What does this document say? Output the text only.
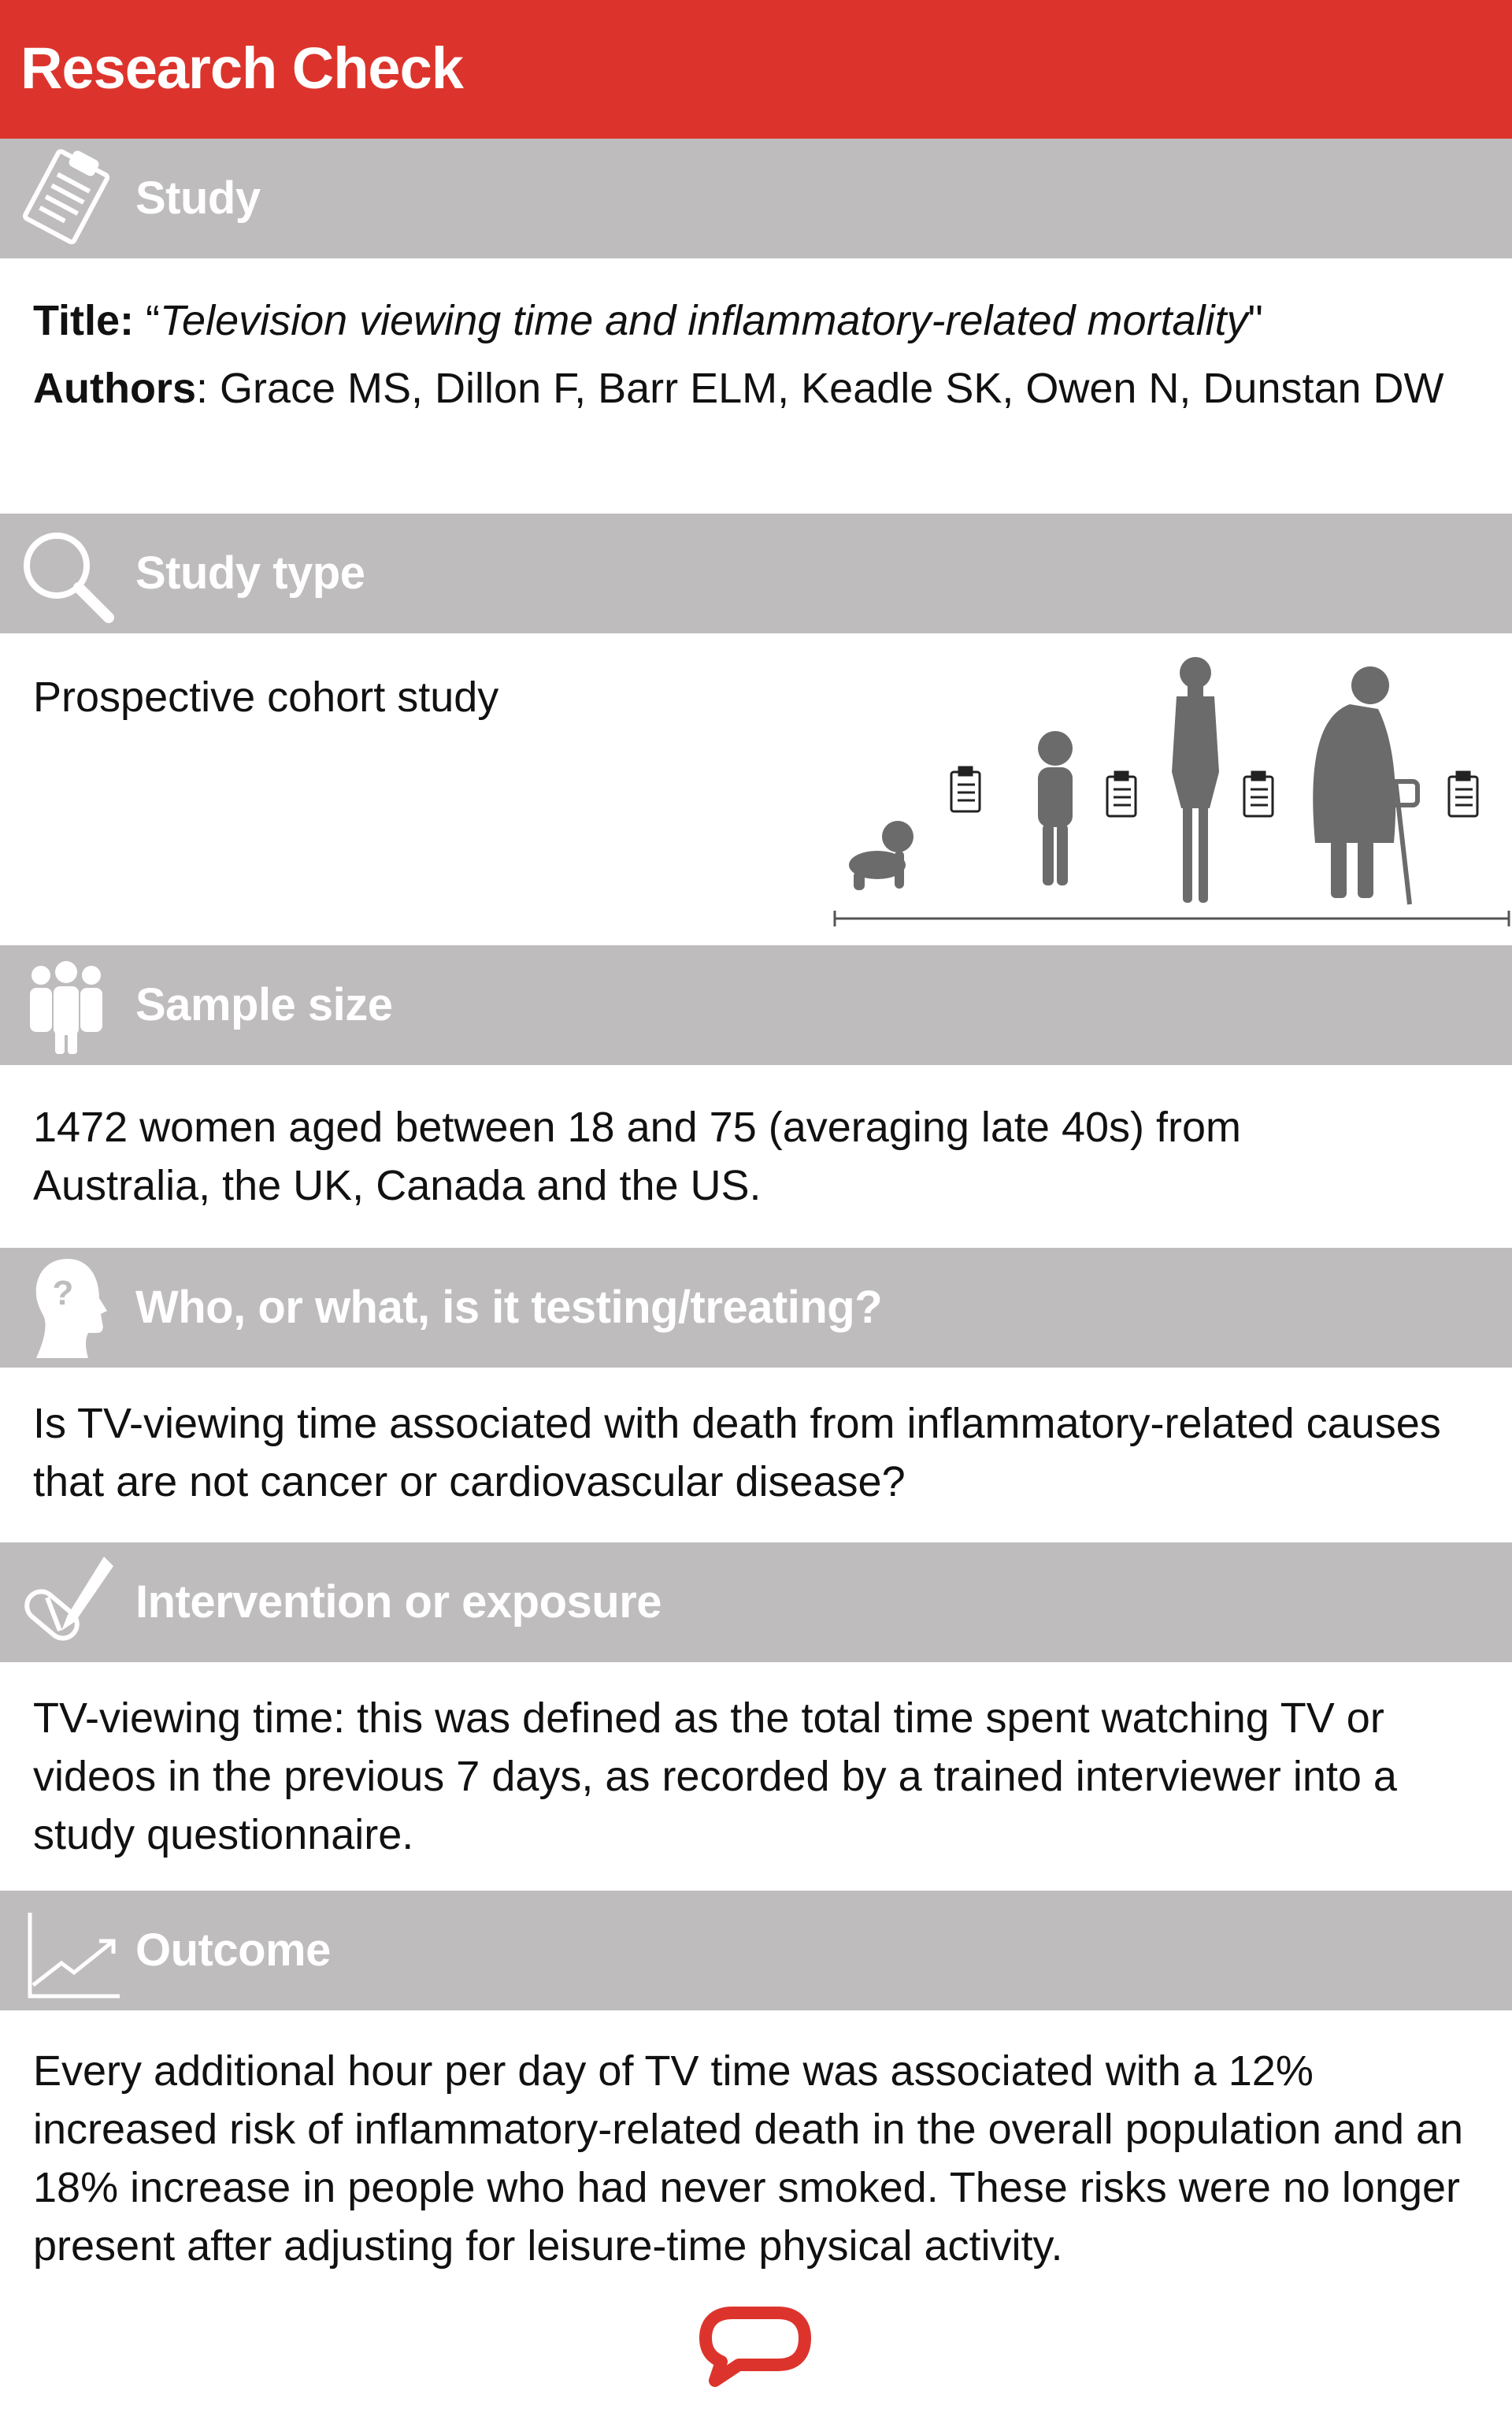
Research Check
Study
Title: “Television viewing time and inflammatory-related mortality"
Authors: Grace MS, Dillon F, Barr ELM, Keadle SK, Owen N, Dunstan DW
Study type
Prospective cohort study
Sample size
1472 women aged between 18 and 75 (averaging late 40s) from Australia, the UK, Canada and the US.
? Who, or what, is it testing/treating?
Is TV-viewing time associated with death from inflammatory-related causes that are not cancer or cardiovascular disease?
Intervention or exposure
TV-viewing time: this was defined as the total time spent watching TV or videos in the previous 7 days, as recorded by a trained interviewer into a study questionnaire.
Outcome
Every additional hour per day of TV time was associated with a 12% increased risk of inflammatory-related death in the overall population and an 18% increase in people who had never smoked. These risks were no longer present after adjusting for leisure-time physical activity.
